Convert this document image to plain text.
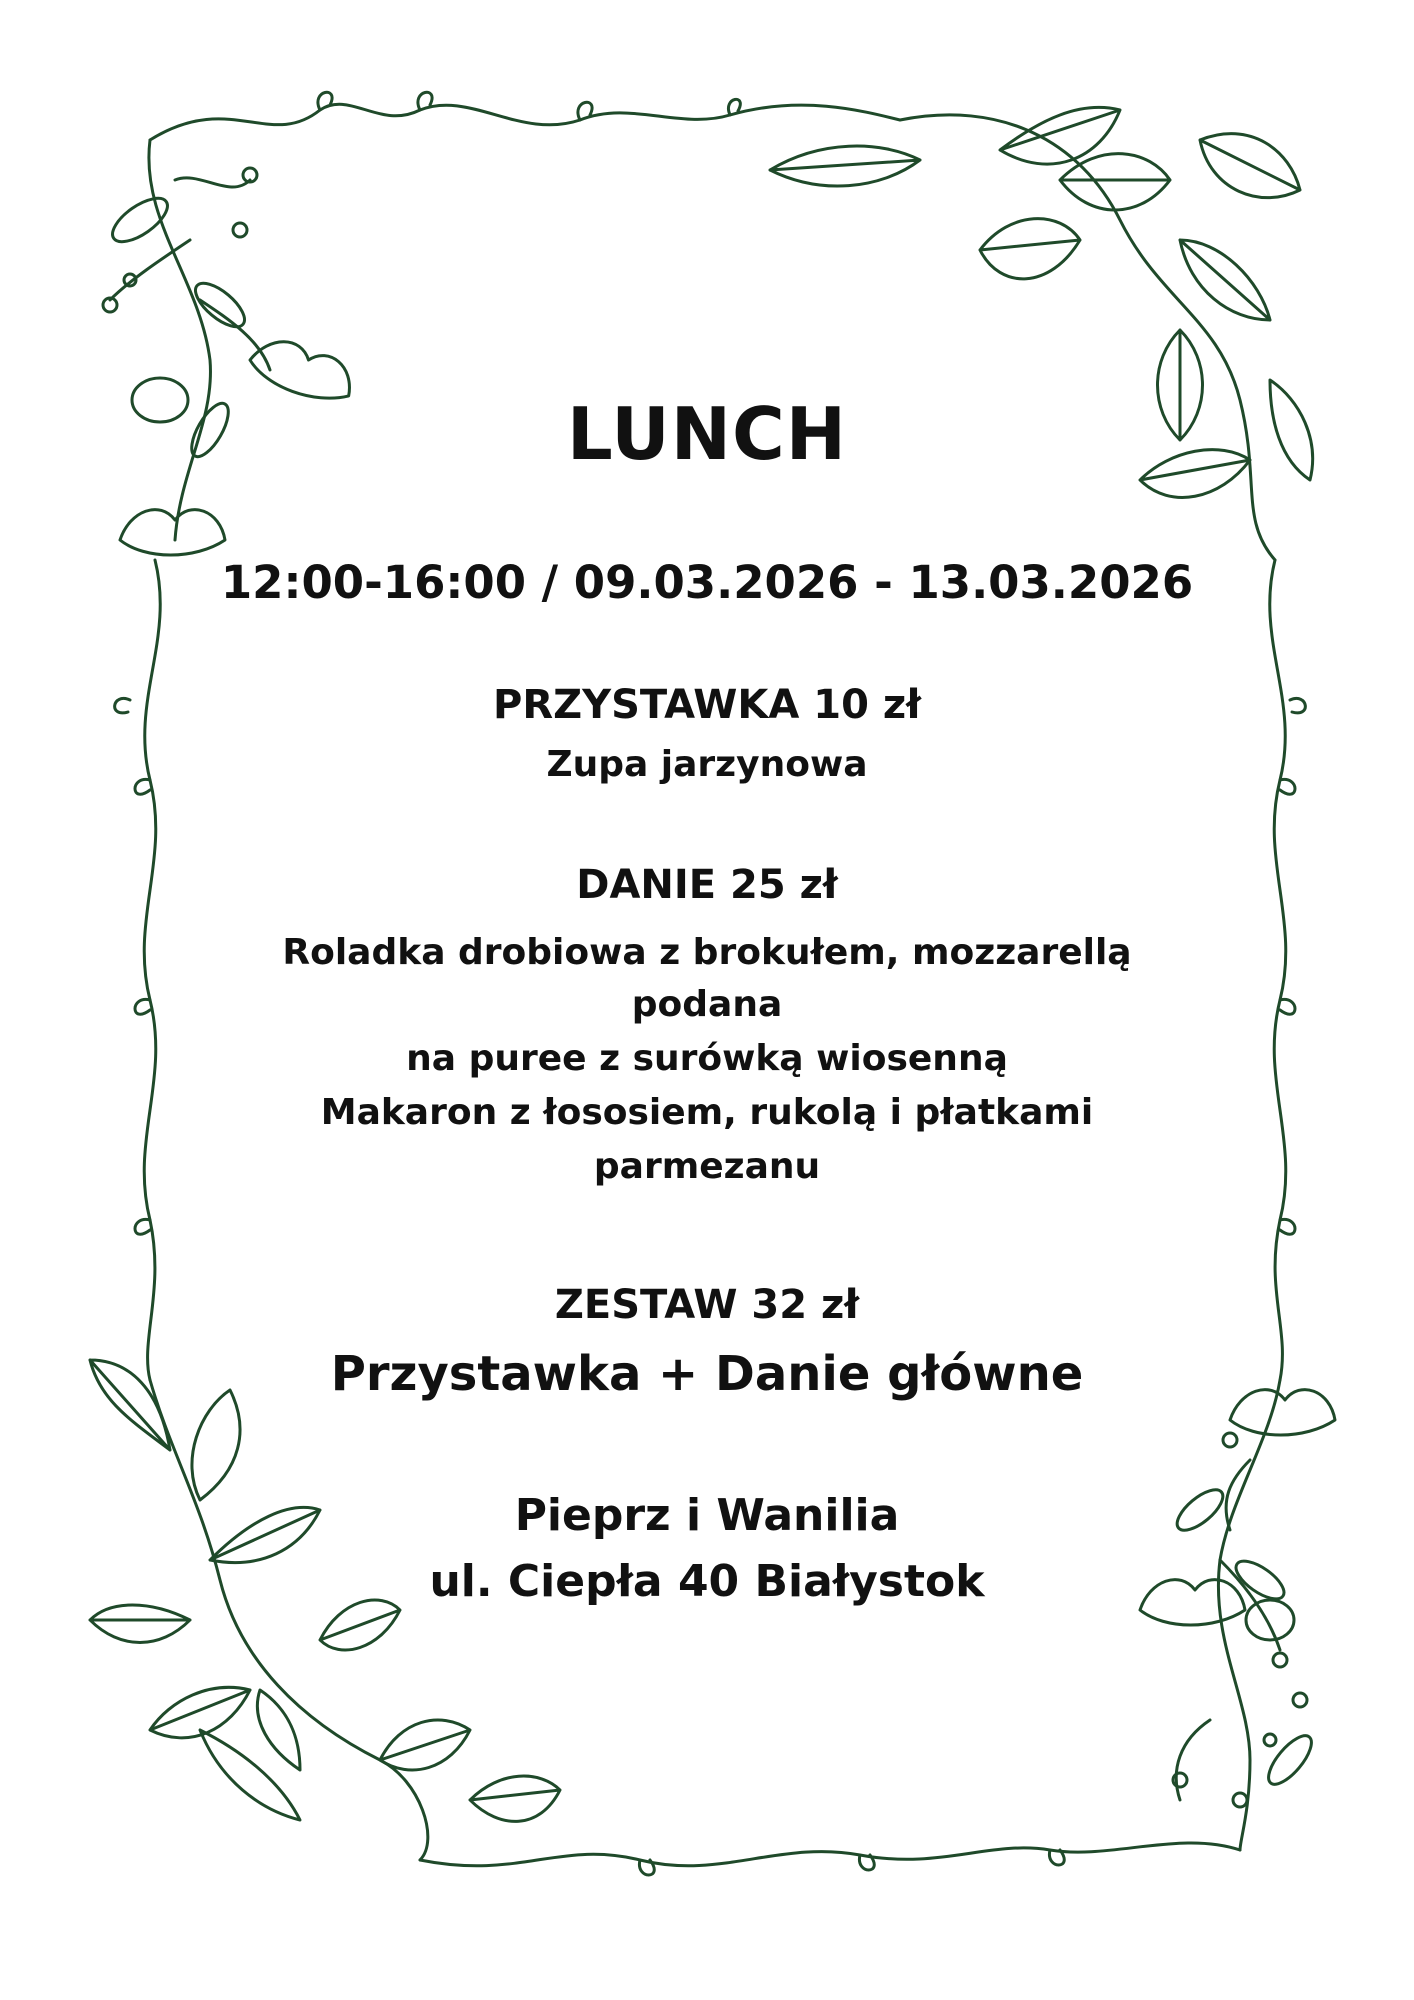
LUNCH
12:00-16:00 / 09.03.2026 - 13.03.2026
PRZYSTAWKA 10 zł
Zupa jarzynowa
DANIE 25 zł
Roladka drobiowa z brokułem, mozzarellą
podana
na puree z surówką wiosenną
Makaron z łososiem, rukolą i płatkami
parmezanu
ZESTAW 32 zł
Przystawka + Danie główne
Pieprz i Wanilia
ul. Ciepła 40 Białystok
